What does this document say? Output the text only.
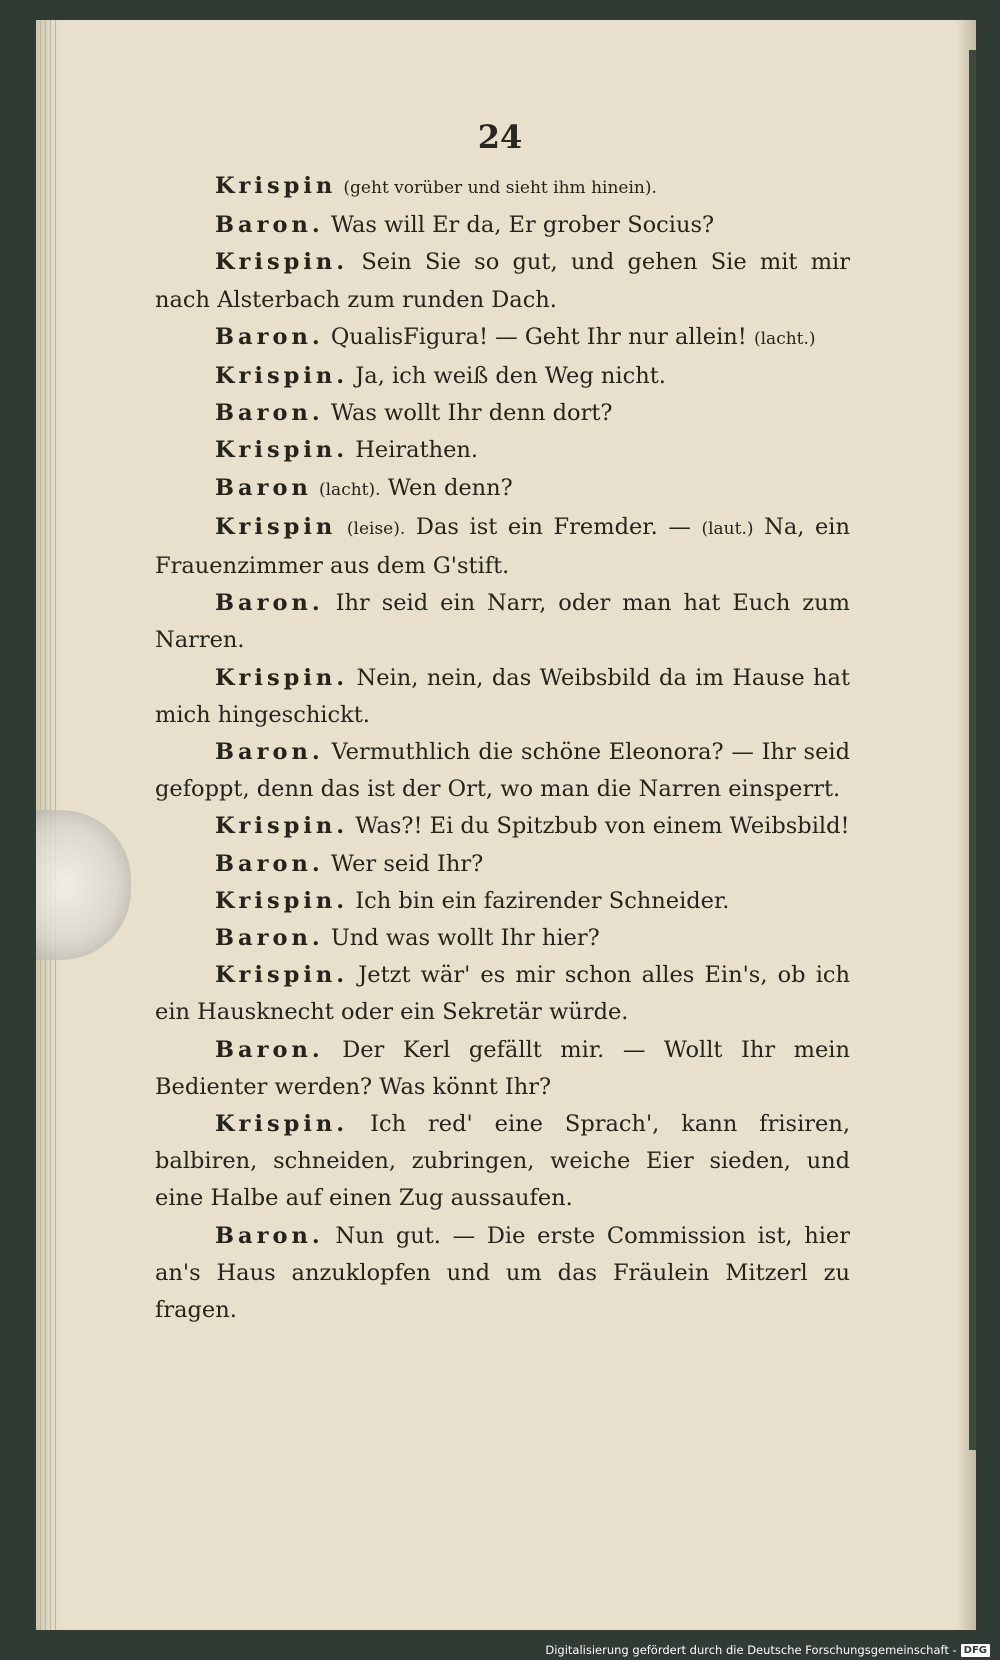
24

Krispin (geht vorüber und sieht ihm hinein).

Baron. Was will Er da, Er grober Socius?

Krispin. Sein Sie so gut, und gehen Sie mit mir nach Alsterbach zum runden Dach.

Baron. QualisFigura! — Geht Ihr nur allein! (lacht.)

Krispin. Ja, ich weiß den Weg nicht.

Baron. Was wollt Ihr denn dort?

Krispin. Heirathen.

Baron (lacht). Wen denn?

Krispin (leise). Das ist ein Fremder. — (laut.) Na, ein Frauenzimmer aus dem G'stift.

Baron. Ihr seid ein Narr, oder man hat Euch zum Narren.

Krispin. Nein, nein, das Weibsbild da im Hause hat mich hingeschickt.

Baron. Vermuthlich die schöne Eleonora? — Ihr seid gefoppt, denn das ist der Ort, wo man die Narren einsperrt.

Krispin. Was?! Ei du Spitzbub von einem Weibsbild!

Baron. Wer seid Ihr?

Krispin. Ich bin ein fazirender Schneider.

Baron. Und was wollt Ihr hier?

Krispin. Jetzt wär' es mir schon alles Ein's, ob ich ein Hausknecht oder ein Sekretär würde.

Baron. Der Kerl gefällt mir. — Wollt Ihr mein Bedienter werden? Was könnt Ihr?

Krispin. Ich red' eine Sprach', kann frisiren, balbiren, schneiden, zubringen, weiche Eier sieden, und eine Halbe auf einen Zug aussaufen.

Baron. Nun gut. — Die erste Commission ist, hier an's Haus anzuklopfen und um das Fräulein Mitzerl zu fragen.

Digitalisierung gefördert durch die Deutsche Forschungsgemeinschaft - DFG
